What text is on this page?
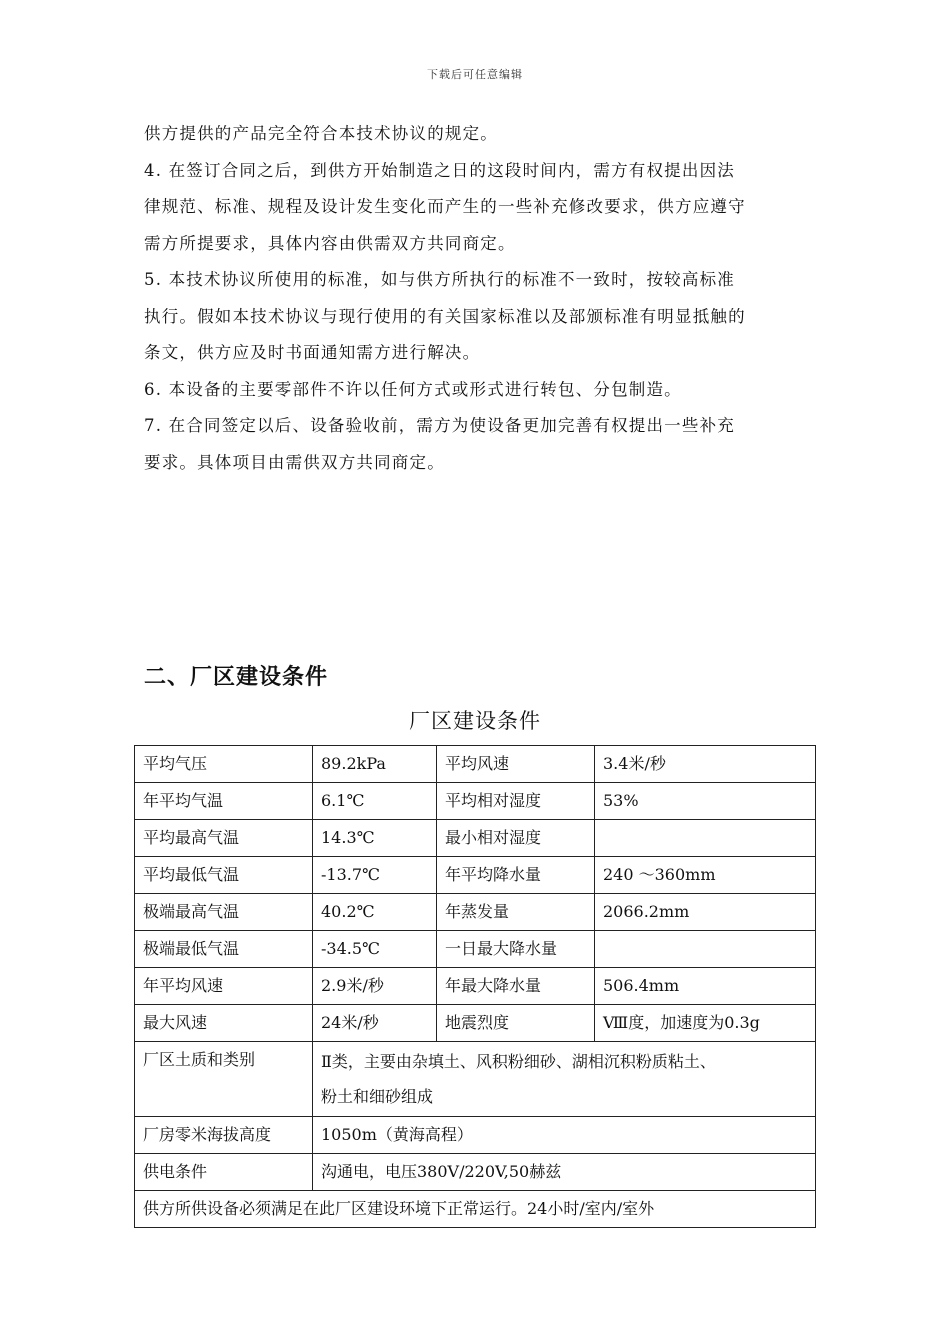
下载后可任意编辑
供方提供的产品完全符合本技术协议的规定。
4. 在签订合同之后，到供方开始制造之日的这段时间内，需方有权提出因法
律规范、标准、规程及设计发生变化而产生的一些补充修改要求，供方应遵守
需方所提要求，具体内容由供需双方共同商定。
5. 本技术协议所使用的标准，如与供方所执行的标准不一致时，按较高标准
执行。假如本技术协议与现行使用的有关国家标准以及部颁标准有明显抵触的
条文，供方应及时书面通知需方进行解决。
6. 本设备的主要零部件不许以任何方式或形式进行转包、分包制造。
7. 在合同签定以后、设备验收前，需方为使设备更加完善有权提出一些补充
要求。具体项目由需供双方共同商定。
二、厂区建设条件
厂区建设条件
平均气压	89.2kPa	平均风速	3.4米/秒
年平均气温	6.1℃	平均相对湿度	53%
平均最高气温	14.3℃	最小相对湿度	
平均最低气温	-13.7℃	年平均降水量	240 ～360mm
极端最高气温	40.2℃	年蒸发量	2066.2mm
极端最低气温	-34.5℃	一日最大降水量	
年平均风速	2.9米/秒	年最大降水量	506.4mm
最大风速	24米/秒	地震烈度	Ⅷ度，加速度为0.3g
厂区土质和类别	Ⅱ类，主要由杂填土、风积粉细砂、湖相沉积粉质粘土、
粉土和细砂组成		

厂房零米海拔高度	1050m（黄海高程）		
供电条件	沟通电，电压380V/220V,50赫兹		
供方所供设备必须满足在此厂区建设环境下正常运行。24小时/室内/室外			
